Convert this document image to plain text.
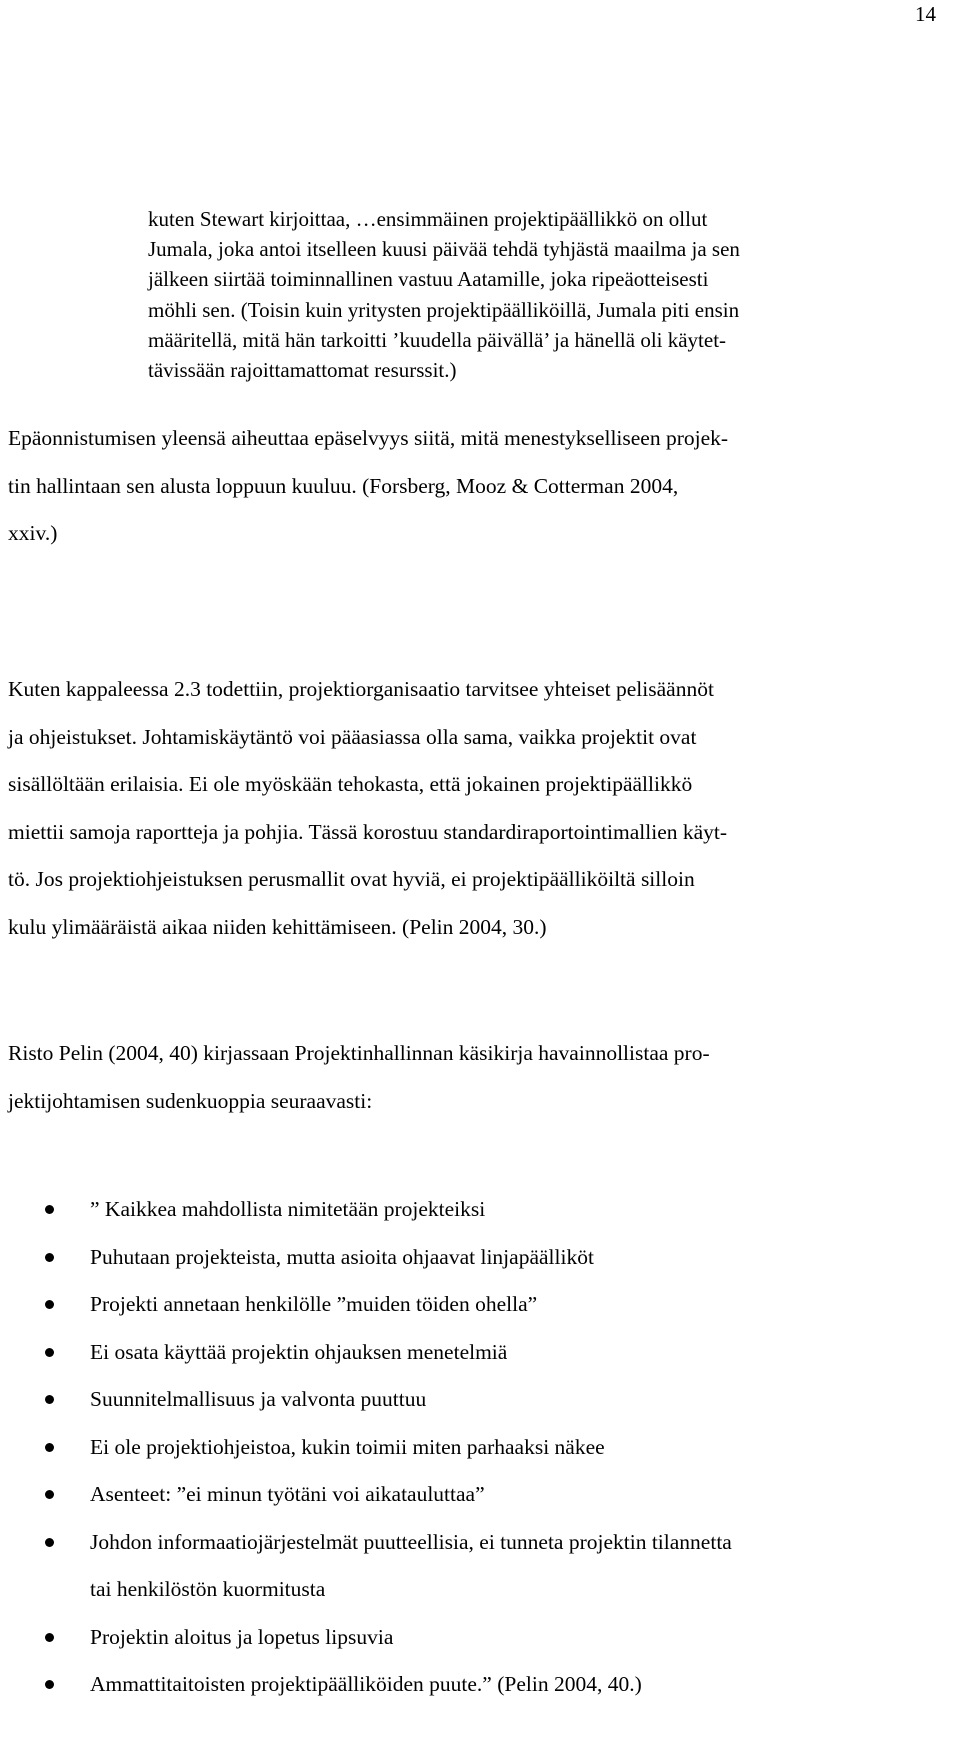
14
kuten Stewart kirjoittaa, …ensimmäinen projektipäällikkö on ollut
Jumala, joka antoi itselleen kuusi päivää tehdä tyhjästä maailma ja sen
jälkeen siirtää toiminnallinen vastuu Aatamille, joka ripeäotteisesti
möhli sen. (Toisin kuin yritysten projektipäälliköillä, Jumala piti ensin
määritellä, mitä hän tarkoitti ’kuudella päivällä’ ja hänellä oli käytet-
tävissään rajoittamattomat resurssit.)
Epäonnistumisen yleensä aiheuttaa epäselvyys siitä, mitä menestykselliseen projek-
tin hallintaan sen alusta loppuun kuuluu. (Forsberg, Mooz & Cotterman 2004,
xxiv.)
Kuten kappaleessa 2.3 todettiin, projektiorganisaatio tarvitsee yhteiset pelisäännöt
ja ohjeistukset. Johtamiskäytäntö voi pääasiassa olla sama, vaikka projektit ovat
sisällöltään erilaisia. Ei ole myöskään tehokasta, että jokainen projektipäällikkö
miettii samoja raportteja ja pohjia. Tässä korostuu standardiraportointimallien käyt-
tö. Jos projektiohjeistuksen perusmallit ovat hyviä, ei projektipäälliköiltä silloin
kulu ylimääräistä aikaa niiden kehittämiseen. (Pelin 2004, 30.)
Risto Pelin (2004, 40) kirjassaan Projektinhallinnan käsikirja havainnollistaa pro-
jektijohtamisen sudenkuoppia seuraavasti:
” Kaikkea mahdollista nimitetään projekteiksi
Puhutaan projekteista, mutta asioita ohjaavat linjapäälliköt
Projekti annetaan henkilölle ”muiden töiden ohella”
Ei osata käyttää projektin ohjauksen menetelmiä
Suunnitelmallisuus ja valvonta puuttuu
Ei ole projektiohjeistoa, kukin toimii miten parhaaksi näkee
Asenteet: ”ei minun työtäni voi aikatauluttaa”
Johdon informaatiojärjestelmät puutteellisia, ei tunneta projektin tilannetta
tai henkilöstön kuormitusta
Projektin aloitus ja lopetus lipsuvia
Ammattitaitoisten projektipäälliköiden puute.” (Pelin 2004, 40.)
